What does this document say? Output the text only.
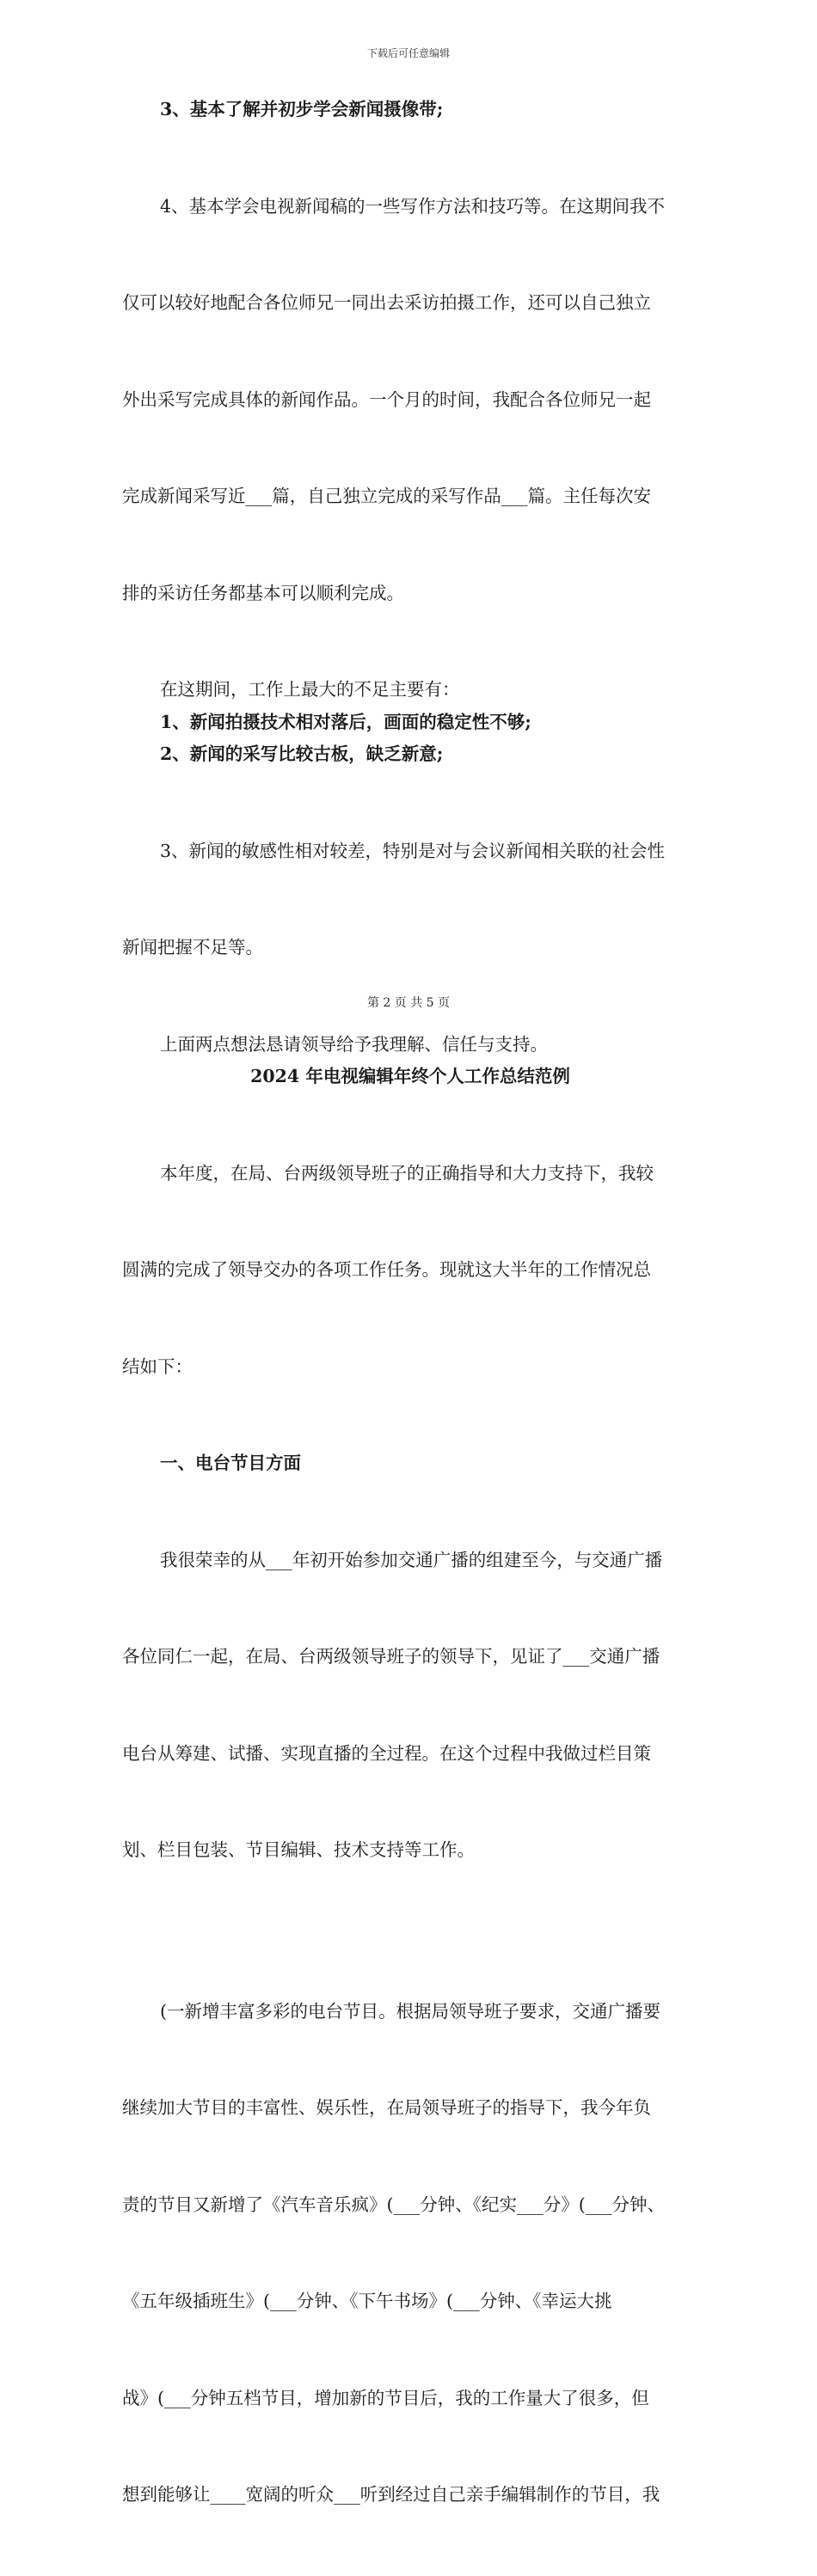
下载后可任意编辑

3、基本了解并初步学会新闻摄像带;

4、基本学会电视新闻稿的一些写作方法和技巧等。在这期间我不

仅可以较好地配合各位师兄一同出去采访拍摄工作，还可以自己独立

外出采写完成具体的新闻作品。一个月的时间，我配合各位师兄一起

完成新闻采写近___篇，自己独立完成的采写作品___篇。主任每次安

排的采访任务都基本可以顺利完成。

在这期间，工作上最大的不足主要有：

1、新闻拍摄技术相对落后，画面的稳定性不够;

2、新闻的采写比较古板，缺乏新意;

3、新闻的敏感性相对较差，特别是对与会议新闻相关联的社会性

新闻把握不足等。

上面两点想法恳请领导给予我理解、信任与支持。

2024 年电视编辑年终个人工作总结范例

本年度，在局、台两级领导班子的正确指导和大力支持下，我较

圆满的完成了领导交办的各项工作任务。现就这大半年的工作情况总

结如下：

一、电台节目方面

我很荣幸的从___年初开始参加交通广播的组建至今，与交通广播

各位同仁一起，在局、台两级领导班子的领导下，见证了___交通广播

电台从筹建、试播、实现直播的全过程。在这个过程中我做过栏目策

划、栏目包装、节目编辑、技术支持等工作。

(一新增丰富多彩的电台节目。根据局领导班子要求，交通广播要

继续加大节目的丰富性、娱乐性，在局领导班子的指导下，我今年负

责的节目又新增了《汽车音乐疯》(___分钟、《纪实___分》(___分钟、

《五年级插班生》(___分钟、《下午书场》(___分钟、《幸运大挑

战》(___分钟五档节目，增加新的节目后，我的工作量大了很多，但

想到能够让____宽阔的听众___听到经过自己亲手编辑制作的节目，我

第 2 页 共 5 页
